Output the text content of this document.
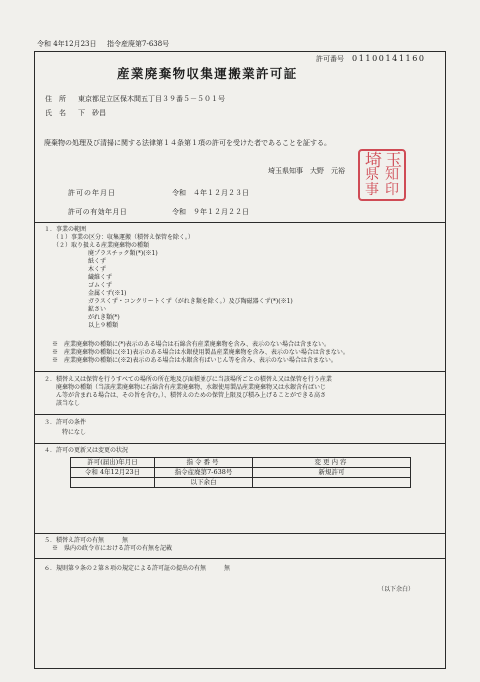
令和 4年12月23日 指令産廃第7-638号
許可番号 01100141160
産業廃棄物収集運搬業許可証
住　所 東京都足立区保木間五丁目３９番５－５０１号
氏　名 下　砂昌
廃棄物の処理及び清掃に関する法律第１４条第１項の許可を受けた者であることを証する。
埼玉県知事　大野　元裕 埼 玉
県 知
事 印
許可の年月日	令和　４年１２月２３日
許可の有効年月日	令和　９年１２月２２日
１．事業の範囲
（１）事業の区分：収集運搬（積替え保管を除く。）
（２）取り扱える産業廃棄物の種類
廃プラスチック類(*)(※1)
紙くず
木くず
繊維くず
ゴムくず
金属くず(※1)
ガラスくず・コンクリートくず（がれき類を除く。）及び陶磁器くず(*)(※1)
鉱さい
がれき類(*)
以上９種類
※　産業廃棄物の種類に(*)表示のある場合は石綿含有産業廃棄物を含み、表示のない場合は含まない。
※　産業廃棄物の種類に(※1)表示のある場合は水銀使用製品産業廃棄物を含み、表示のない場合は含まない。
※　産業廃棄物の種類に(※2)表示のある場合は水銀含有ばいじん等を含み、表示のない場合は含まない。
２．積替え又は保管を行うすべての場所の所在地及び面積並びに当該場所ごとの積替え又は保管を行う産業
　　廃棄物の種類（当該産業廃棄物に石綿含有産業廃棄物、水銀使用製品産業廃棄物又は水銀含有ばいじ
　　ん等が含まれる場合は、その旨を含む。）、積替えのための保管上限及び積み上げることができる高さ
　　該当なし
３．許可の条件
特になし
４．許可の更新又は変更の状況
許可(届出)年月日	指令番号	変更内容
令和 4年12月23日	指令産廃第7-638号	新規許可
	以下余白	
５．積替え許可の有無　　　無
※　県内の政令市における許可の有無を記載
６．規則第９条の２第８項の規定による許可証の提出の有無　　　無
（以下余白）
